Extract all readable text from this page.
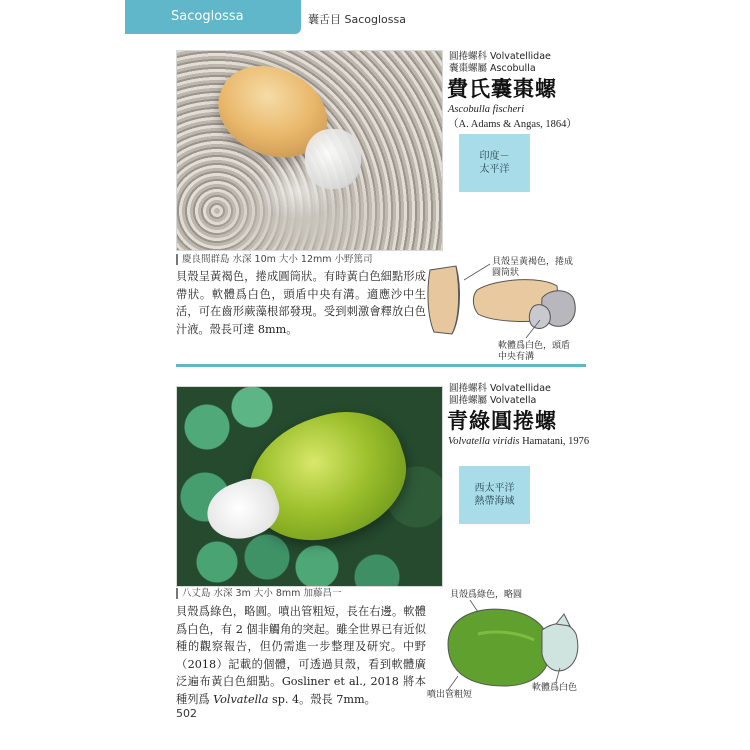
Sacoglossa	囊舌目 Sacoglossa
慶良間群島 水深 10m 大小 12mm 小野篤司
圓捲螺科 Volvatellidae
囊棗螺屬 Ascobulla
費氏囊棗螺
Ascobulla fischeri
（A. Adams & Angas, 1864）
印度－
太平洋
貝殼呈黃褐色，捲成圓筒狀。有時黃白色細點形成帶狀。軟體爲白色，頭盾中央有溝。適應沙中生活，可在齒形蕨藻根部發現。受到刺激會釋放白色汁液。殼長可達 8mm。
貝殼呈黃褐色，捲成圓筒狀
軟體爲白色，頭盾中央有溝
八丈島 水深 3m 大小 8mm 加藤昌一
圓捲螺科 Volvatellidae
圓捲螺屬 Volvatella
青綠圓捲螺
Volvatella viridis Hamatani, 1976
西太平洋
熱帶海域
貝殼爲綠色，略圓。噴出管粗短，長在右邊。軟體爲白色，有 2 個非觸角的突起。雖全世界已有近似種的觀察報告，但仍需進一步整理及研究。中野（2018）記載的個體，可透過貝殼，看到軟體廣泛遍布黃白色細點。Gosliner et al., 2018 將本種列爲 Volvatella sp. 4。殼長 7mm。
貝殼爲綠色，略圓
噴出管粗短
軟體爲白色
502
